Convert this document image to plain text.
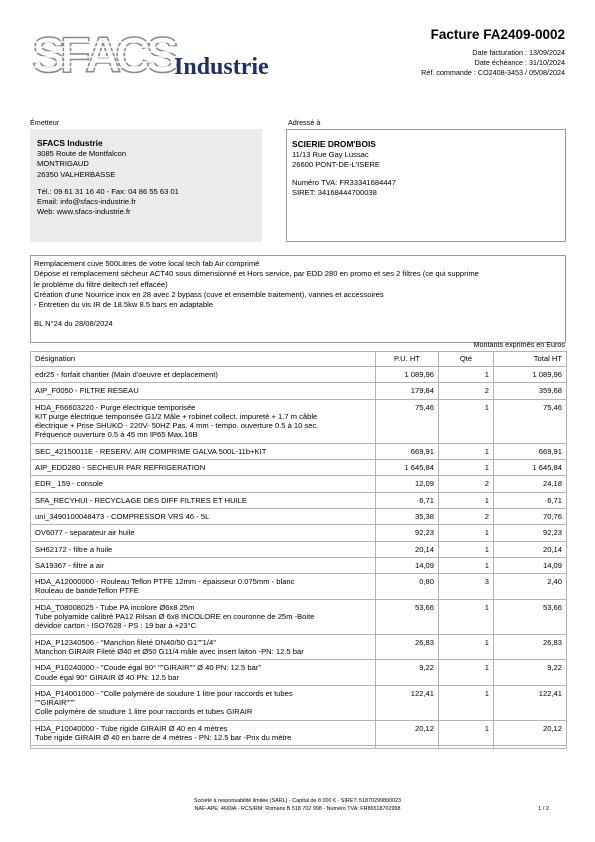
S
F
A
C
S
Industrie
Facture FA2409-0002
Date facturation : 13/09/2024
Date échéance : 31/10/2024
Réf. commande : CO2408-3453 / 05/08/2024
Émetteur	Adressé à
SFACS Industrie
3085 Route de Montfalcon
MONTRIGAUD
26350 VALHERBASSE
Tél.: 09 61 31 16 40 - Fax: 04 86 55 63 01
Email: info@sfacs-industrie.fr
Web: www.sfacs-industrie.fr
SCIERIE DROM'BOIS
11/13 Rue Gay Lussac
26600 PONT-DE-L'ISERE
Numéro TVA: FR33341684447
SIRET: 34168444700038
Remplacement cuve 500Litres de votre local tech fab Air comprimé
Dépose et remplacement sécheur ACT40 sous dimensionné et Hors service, par EDD 280 en promo et ses 2 filtres (ce qui supprime
le problème du filtre deltech ref effacée)
Création d'une Nourrice inox en 28 avec 2 bypass (cuve et ensemble traitement), vannes et accessoires
- Entretien du vis IR de 18.5kw 8.5 bars en adaptable
BL N°24 du 28/08/2024
Montants exprimés en Euros
Désignation	P.U. HT	Qté	Total HT

edr25 - forfait chantier (Main d'oeuvre et deplacement)	1 089,96	1	1 089,96

AIP_F0050 - FILTRE RESEAU	179,84	2	359,68

HDA_F66603220 - Purge électrique temporisée
KIT purge électrique temporisée G1/2 Mâle + robinet collect. impureté + 1.7 m câble
électrique + Prise SHUKO - 220V- 50HZ Pas. 4 mm - tempo. ouverture 0.5 à 10 sec.
Fréquence ouverture 0.5 à 45 mn IP65 Max.16B	75,46	1	75,46

SEC_42150011E - RESERV. AIR COMPRIME GALVA 500L-11b+KIT	669,91	1	669,91

AIP_EDD280 - SECHEUR PAR REFRIGERATION	1 645,84	1	1 645,84

EDR_ 159 - console	12,09	2	24,18

SFA_RECYHUI - RECYCLAGE DES DIFF FILTRES ET HUILE	6,71	1	6,71

uni_3490100048473 - COMPRESSOR VRS 46 - 5L	35,38	2	70,76

OV6077 - separateur air huile	92,23	1	92,23

SH62172 - filtre a huile	20,14	1	20,14

SA19367 - filtre a air	14,09	1	14,09

HDA_A12000000 - Rouleau Teflon PTFE 12mm - épaisseur 0.075mm - blanc
Rouleau de bandeTeflon PTFE	0,80	3	2,40

HDA_T08008025 - Tube PA incolore Ø6x8 25m
Tube polyamide calibré PA12 Rilsan Ø 6x8 INCOLORE en couronne de 25m -Boite
dévidoir carton - ISO7628 - PS : 19 bar à +23°C	53,66	1	53,66

HDA_P12340506 - "Manchon fileté DN40/50 G1""1/4"
Manchon GIRAIR Fileté Ø40 et Ø50 G11/4 mâle avec insert laiton -PN: 12.5 bar	26,83	1	26,83

HDA_P10240000 - "Coude égal 90° ""GIRAIR"" Ø 40 PN: 12.5 bar"
Coude égal 90° GIRAIR Ø 40 PN: 12.5 bar	9,22	1	9,22

HDA_P14001000 - "Colle polymère de soudure 1 litre pour raccords et tubes
""GIRAIR"""
Colle polymère de soudure 1 litre pour raccords et tubes GIRAIR	122,41	1	122,41

HDA_P10040000 - Tube rigide GIRAIR Ø 40 en 4 mètres
Tube rigide GIRAIR Ø 40 en barre de 4 mètres - PN: 12.5 bar -Prix du mètre	20,12	1	20,12

Société à responsabilité limitée (SARL) - Capital de 8 000 € - SIRET: 51870299800023
NAF-APE: 4669A - RCS/RM: Romans B 518 702 998 - Numéro TVA: FR86518702998	1 / 2
